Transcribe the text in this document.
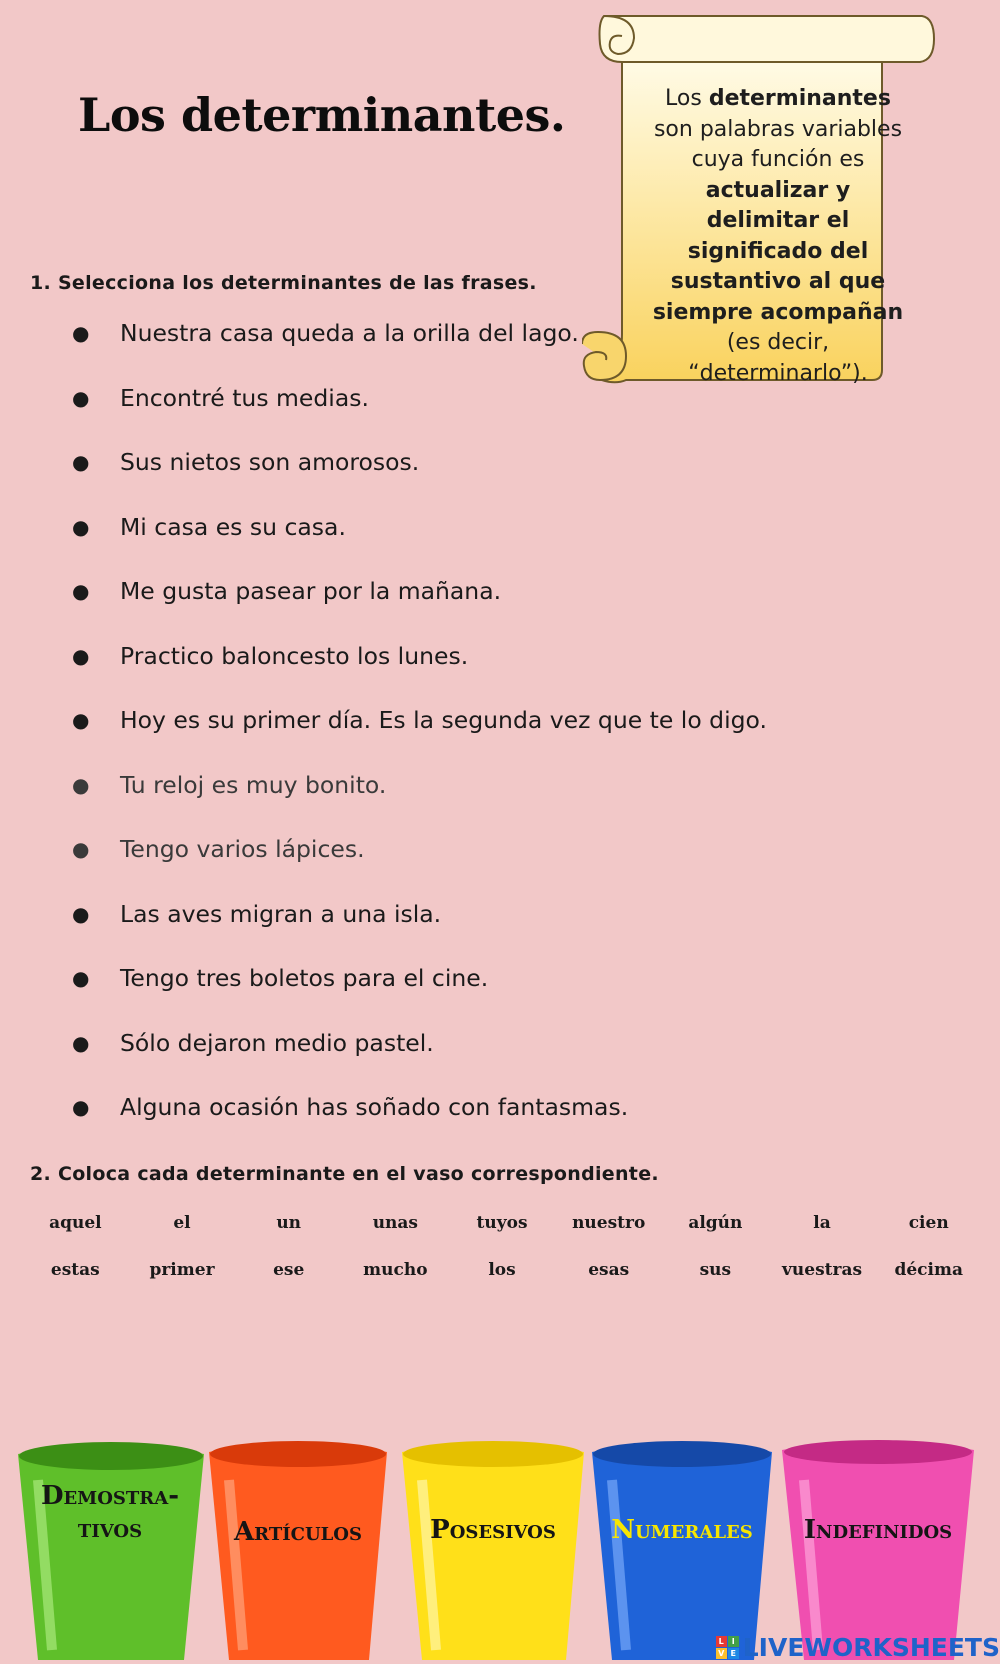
Los determinantes.	Los determinantes son palabras variables cuya función es actualizar y delimitar el significado del sustantivo al que siempre acompañan (es decir, “determinarlo”).
1. Selecciona los determinantes de las frases.
●	Nuestra casa queda a la orilla del lago.
●	Encontré tus medias.
●	Sus nietos son amorosos.
●	Mi casa es su casa.
●	Me gusta pasear por la mañana.
●	Practico baloncesto los lunes.
●	Hoy es su primer día. Es la segunda vez que te lo digo.
●	Tu reloj es muy bonito.
●	Tengo varios lápices.
●	Las aves migran a una isla.
●	Tengo tres boletos para el cine.
●	Sólo dejaron medio pastel.
●	Alguna ocasión has soñado con fantasmas.
2. Coloca cada determinante en el vaso correspondiente.
aquel	el	un	unas	tuyos	nuestro	algún	la	cien
estas	primer	ese	mucho	los	esas	sus	vuestras	décima
Demostra-
tivos	Artículos	Posesivos	Numerales	Indefinidos
L I
V E LIVEWORKSHEETS
